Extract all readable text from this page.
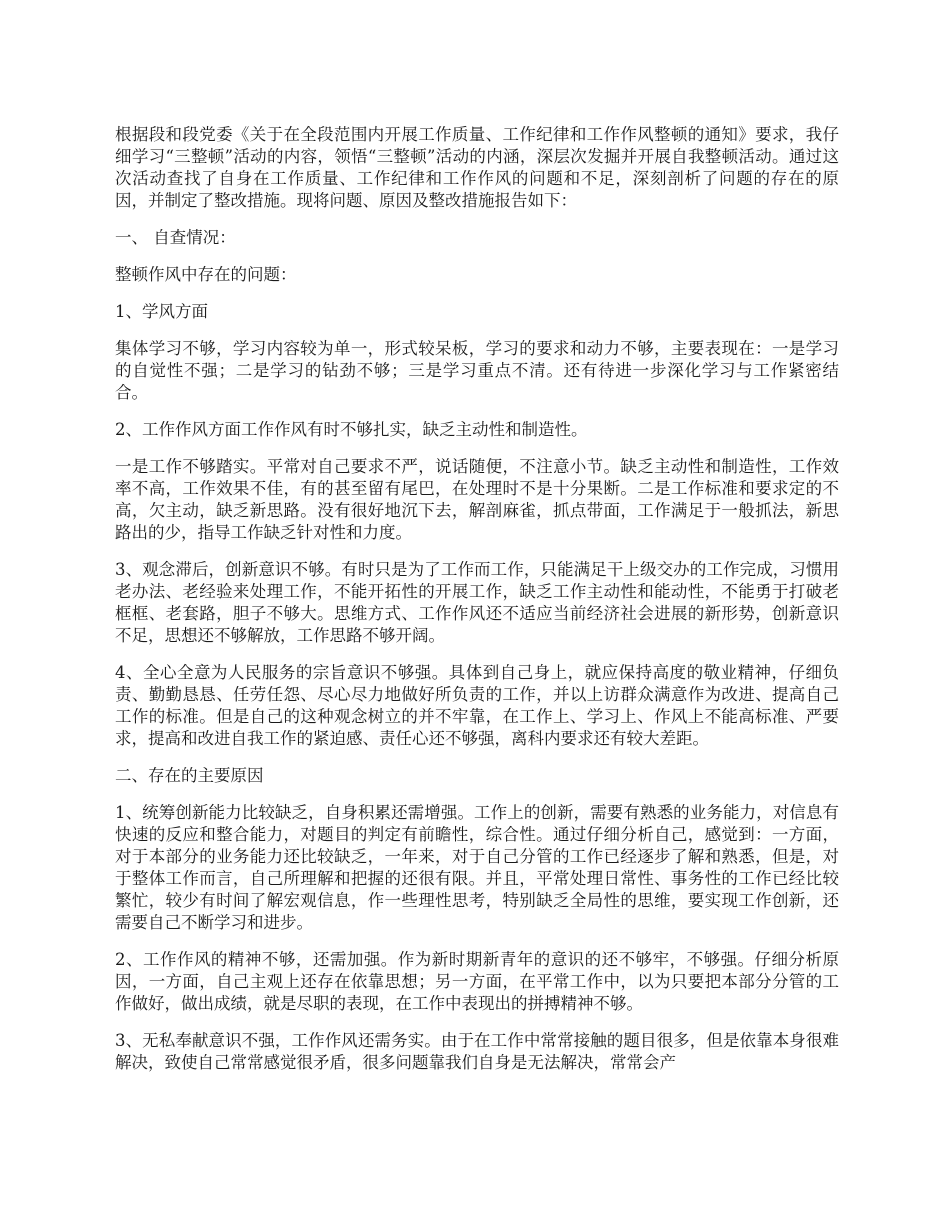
根据段和段党委《关于在全段范围内开展工作质量、工作纪律和工作作风整顿的通知》要求，我仔细学习“三整顿”活动的内容，领悟“三整顿”活动的内涵，深层次发掘并开展自我整顿活动。通过这次活动查找了自身在工作质量、工作纪律和工作作风的问题和不足，深刻剖析了问题的存在的原因，并制定了整改措施。现将问题、原因及整改措施报告如下：

一、 自查情况：

整顿作风中存在的问题：

1、学风方面

集体学习不够，学习内容较为单一，形式较呆板，学习的要求和动力不够，主要表现在：一是学习的自觉性不强；二是学习的钻劲不够；三是学习重点不清。还有待进一步深化学习与工作紧密结合。

2、工作作风方面工作作风有时不够扎实，缺乏主动性和制造性。

一是工作不够踏实。平常对自己要求不严，说话随便，不注意小节。缺乏主动性和制造性，工作效率不高，工作效果不佳，有的甚至留有尾巴，在处理时不是十分果断。二是工作标准和要求定的不高，欠主动，缺乏新思路。没有很好地沉下去，解剖麻雀，抓点带面，工作满足于一般抓法，新思路出的少，指导工作缺乏针对性和力度。

3、观念滞后，创新意识不够。有时只是为了工作而工作，只能满足干上级交办的工作完成，习惯用老办法、老经验来处理工作，不能开拓性的开展工作，缺乏工作主动性和能动性，不能勇于打破老框框、老套路，胆子不够大。思维方式、工作作风还不适应当前经济社会进展的新形势，创新意识不足，思想还不够解放，工作思路不够开阔。

4、全心全意为人民服务的宗旨意识不够强。具体到自己身上，就应保持高度的敬业精神，仔细负责、勤勤恳恳、任劳任怨、尽心尽力地做好所负责的工作，并以上访群众满意作为改进、提高自己工作的标准。但是自己的这种观念树立的并不牢靠，在工作上、学习上、作风上不能高标准、严要求，提高和改进自我工作的紧迫感、责任心还不够强，离科内要求还有较大差距。

二、存在的主要原因

1、统筹创新能力比较缺乏，自身积累还需增强。工作上的创新，需要有熟悉的业务能力，对信息有快速的反应和整合能力，对题目的判定有前瞻性，综合性。通过仔细分析自己，感觉到：一方面，对于本部分的业务能力还比较缺乏，一年来，对于自己分管的工作已经逐步了解和熟悉，但是，对于整体工作而言，自己所理解和把握的还很有限。并且，平常处理日常性、事务性的工作已经比较繁忙，较少有时间了解宏观信息，作一些理性思考，特别缺乏全局性的思维，要实现工作创新，还需要自己不断学习和进步。

2、工作作风的精神不够，还需加强。作为新时期新青年的意识的还不够牢，不够强。仔细分析原因，一方面，自己主观上还存在依靠思想；另一方面，在平常工作中，以为只要把本部分分管的工作做好，做出成绩，就是尽职的表现，在工作中表现出的拼搏精神不够。

3、无私奉献意识不强，工作作风还需务实。由于在工作中常常接触的题目很多，但是依靠本身很难解决，致使自己常常感觉很矛盾，很多问题靠我们自身是无法解决，常常会产
